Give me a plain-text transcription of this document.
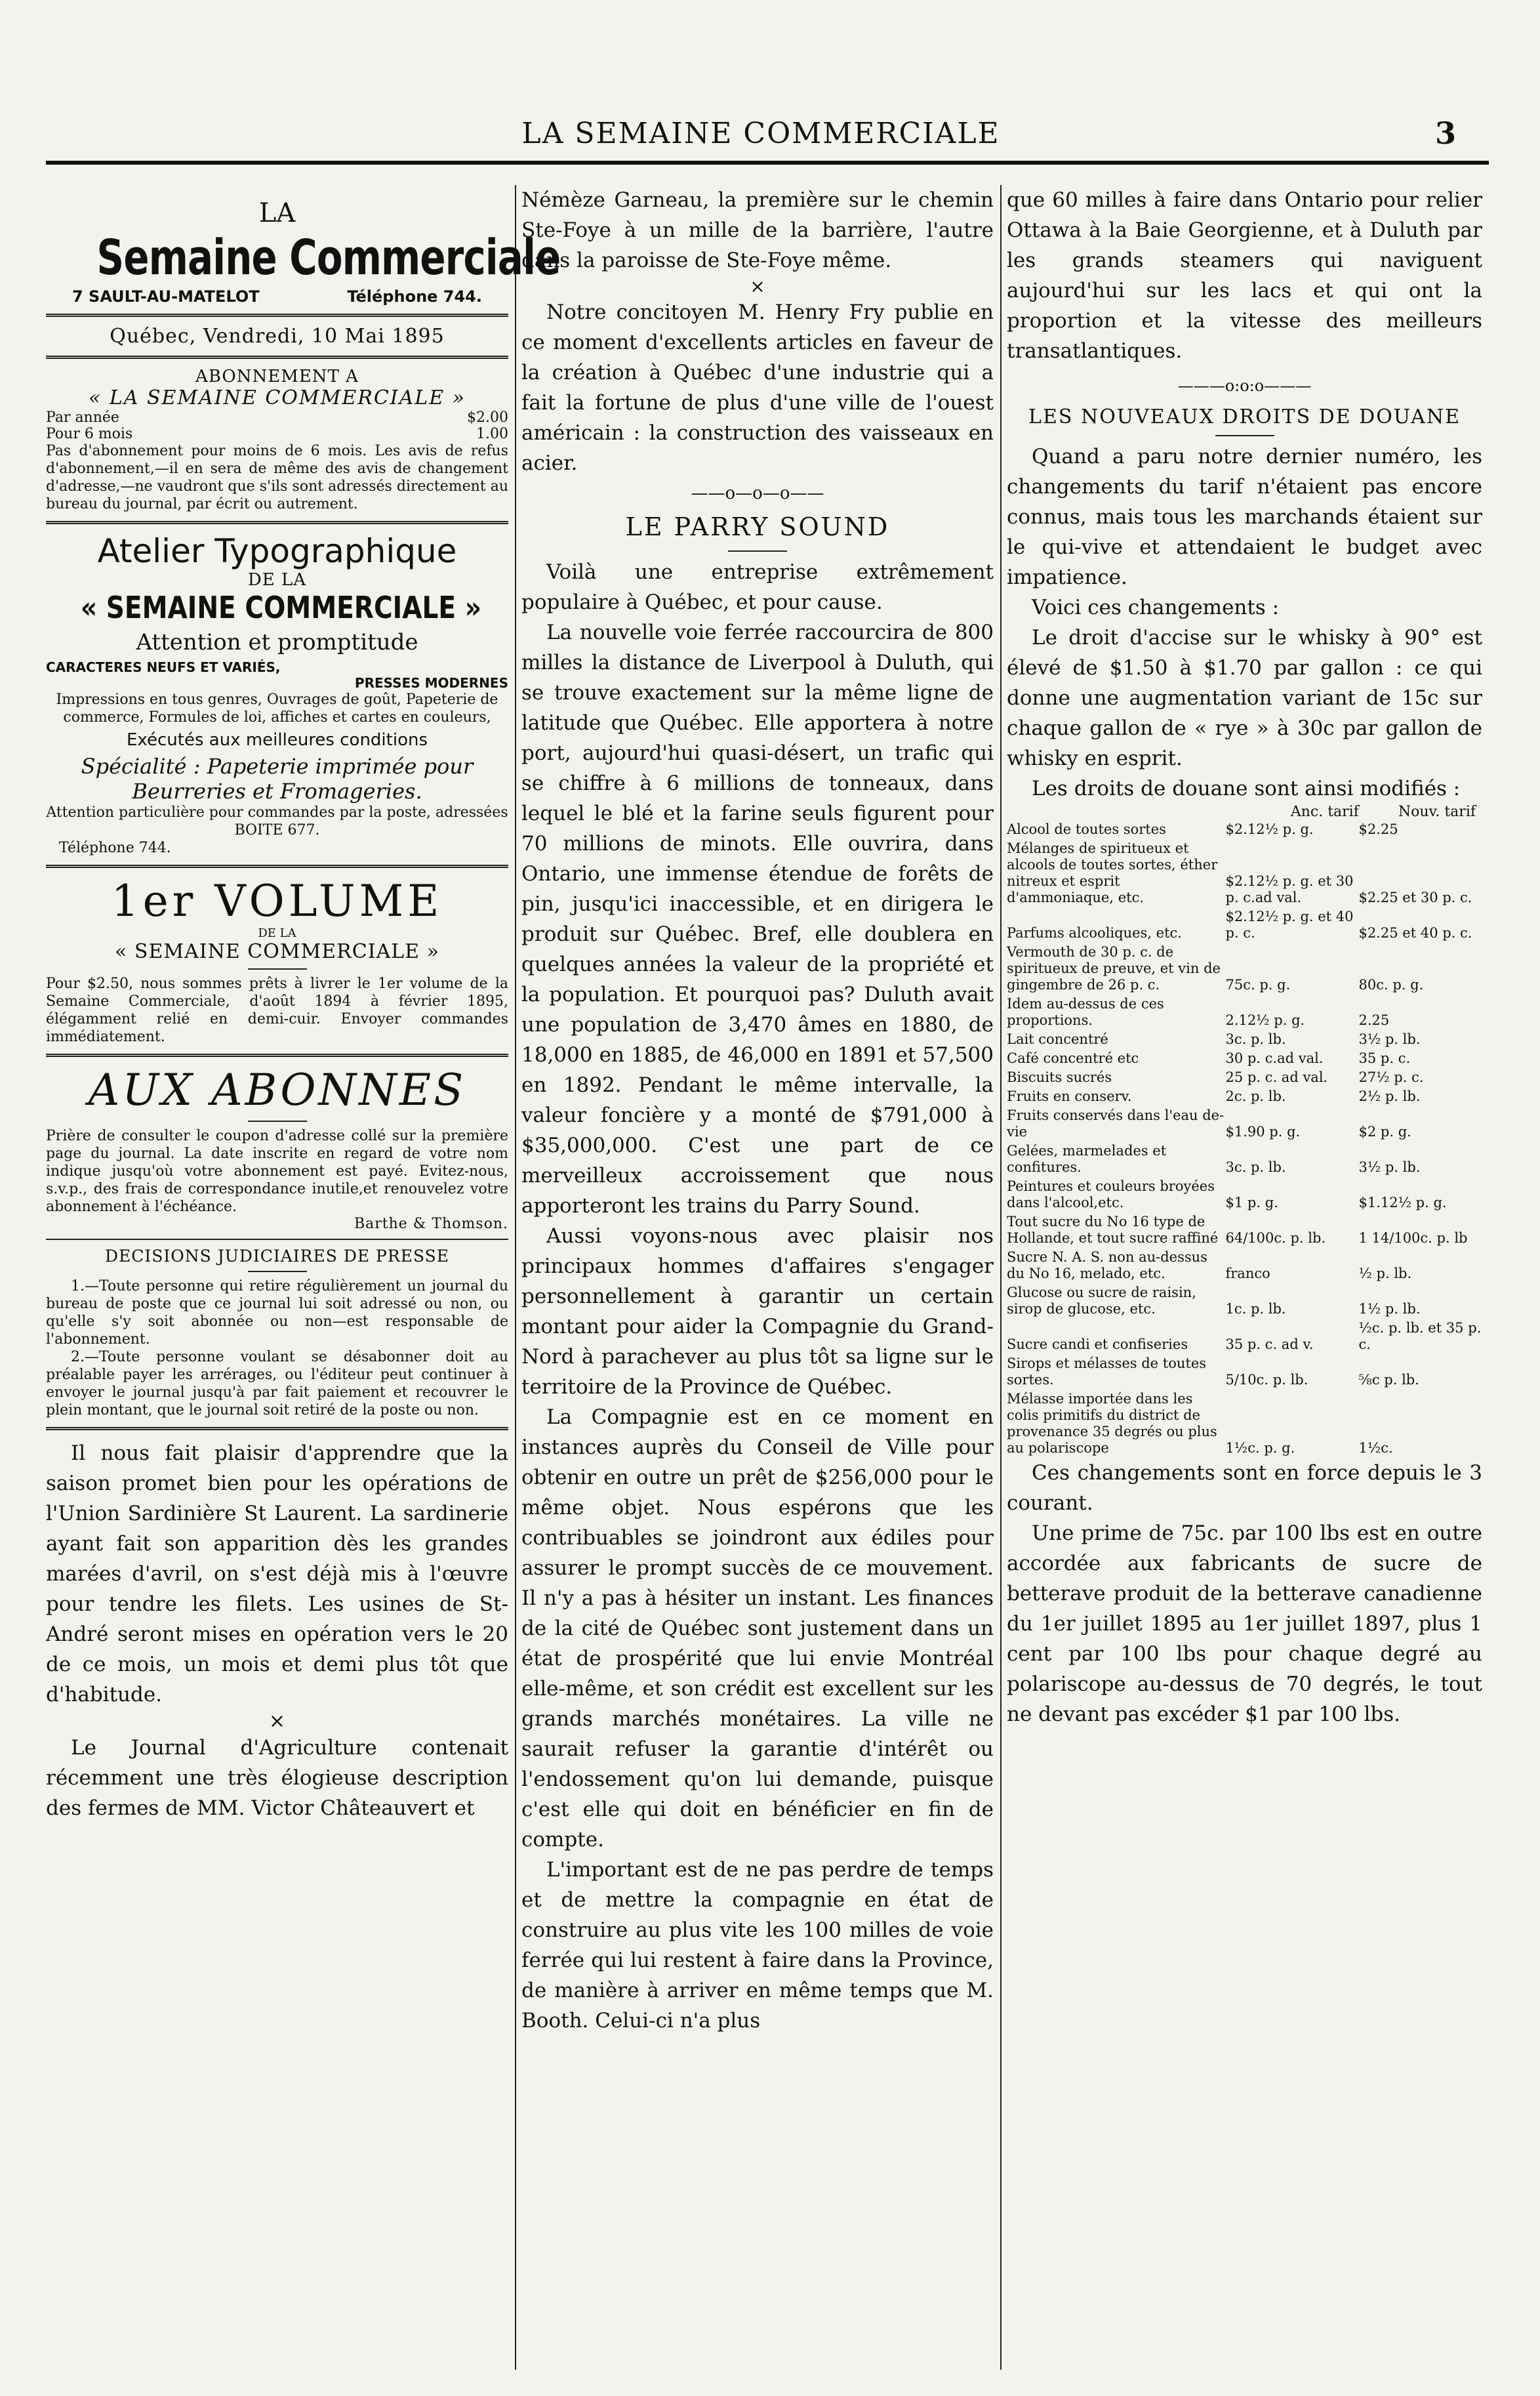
LA SEMAINE COMMERCIALE	3
LA
Semaine Commerciale
7 SAULT-AU-MATELOT	Téléphone 744.
Québec, Vendredi, 10 Mai 1895
ABONNEMENT A
« LA SEMAINE COMMERCIALE »
Par année	$2.00
Pour 6 mois	1.00
Pas d'abonnement pour moins de 6 mois. Les avis de refus d'abonnement,—il en sera de même des avis de changement d'adresse,—ne vaudront que s'ils sont adressés directement au bureau du journal, par écrit ou autrement.
Atelier Typographique
DE LA
« SEMAINE COMMERCIALE »
Attention et promptitude
CARACTERES NEUFS ET VARIÉS,
PRESSES MODERNES
Impressions en tous genres, Ouvrages de goût, Papeterie de commerce, Formules de loi, affiches et cartes en couleurs,
Exécutés aux meilleures conditions
Spécialité : Papeterie imprimée pour Beurreries et Fromageries.
Attention particulière pour commandes par la poste, adressées BOITE 677.
Téléphone 744.
1er VOLUME
DE LA
« SEMAINE COMMERCIALE »
Pour $2.50, nous sommes prêts à livrer le 1er volume de la Semaine Commerciale, d'août 1894 à février 1895, élégamment relié en demi-cuir. Envoyer commandes immédiatement.
AUX ABONNES
Prière de consulter le coupon d'adresse collé sur la première page du journal. La date inscrite en regard de votre nom indique jusqu'où votre abonnement est payé. Evitez-nous, s.v.p., des frais de correspondance inutile,et renouvelez votre abonnement à l'échéance.
Barthe & Thomson.
DECISIONS JUDICIAIRES DE PRESSE
1.—Toute personne qui retire régulièrement un journal du bureau de poste que ce journal lui soit adressé ou non, ou qu'elle s'y soit abonnée ou non—est responsable de l'abonnement.
2.—Toute personne voulant se désabonner doit au préalable payer les arrérages, ou l'éditeur peut continuer à envoyer le journal jusqu'à par fait paiement et recouvrer le plein montant, que le journal soit retiré de la poste ou non.

Il nous fait plaisir d'apprendre que la saison promet bien pour les opérations de l'Union Sardinière St Laurent. La sardinerie ayant fait son apparition dès les grandes marées d'avril, on s'est déjà mis à l'œuvre pour tendre les filets. Les usines de St-André seront mises en opération vers le 20 de ce mois, un mois et demi plus tôt que d'habitude.

×

Le Journal d'Agriculture contenait récemment une très élogieuse description des fermes de MM. Victor Châteauvert et

Némèze Garneau, la première sur le chemin Ste-Foye à un mille de la barrière, l'autre dans la paroisse de Ste-Foye même.

×

Notre concitoyen M. Henry Fry publie en ce moment d'excellents articles en faveur de la création à Québec d'une industrie qui a fait la fortune de plus d'une ville de l'ouest américain : la construction des vaisseaux en acier.

——o—o—o——
LE PARRY SOUND

Voilà une entreprise extrêmement populaire à Québec, et pour cause.

La nouvelle voie ferrée raccourcira de 800 milles la distance de Liverpool à Duluth, qui se trouve exactement sur la même ligne de latitude que Québec. Elle apportera à notre port, aujourd'hui quasi-désert, un trafic qui se chiffre à 6 millions de tonneaux, dans lequel le blé et la farine seuls figurent pour 70 millions de minots. Elle ouvrira, dans Ontario, une immense étendue de forêts de pin, jusqu'ici inaccessible, et en dirigera le produit sur Québec. Bref, elle doublera en quelques années la valeur de la propriété et la population. Et pourquoi pas? Duluth avait une population de 3,470 âmes en 1880, de 18,000 en 1885, de 46,000 en 1891 et 57,500 en 1892. Pendant le même intervalle, la valeur foncière y a monté de $791,000 à $35,000,000. C'est une part de ce merveilleux accroissement que nous apporteront les trains du Parry Sound.

Aussi voyons-nous avec plaisir nos principaux hommes d'affaires s'engager personnellement à garantir un certain montant pour aider la Compagnie du Grand-Nord à parachever au plus tôt sa ligne sur le territoire de la Province de Québec.

La Compagnie est en ce moment en instances auprès du Conseil de Ville pour obtenir en outre un prêt de $256,000 pour le même objet. Nous espérons que les contribuables se joindront aux édiles pour assurer le prompt succès de ce mouvement. Il n'y a pas à hésiter un instant. Les finances de la cité de Québec sont justement dans un état de prospérité que lui envie Montréal elle-même, et son crédit est excellent sur les grands marchés monétaires. La ville ne saurait refuser la garantie d'intérêt ou l'endossement qu'on lui demande, puisque c'est elle qui doit en bénéficier en fin de compte.

L'important est de ne pas perdre de temps et de mettre la compagnie en état de construire au plus vite les 100 milles de voie ferrée qui lui restent à faire dans la Province, de manière à arriver en même temps que M. Booth. Celui-ci n'a plus

que 60 milles à faire dans Ontario pour relier Ottawa à la Baie Georgienne, et à Duluth par les grands steamers qui naviguent aujourd'hui sur les lacs et qui ont la proportion et la vitesse des meilleurs transatlantiques.

———o:o:o———
LES NOUVEAUX DROITS DE DOUANE

Quand a paru notre dernier numéro, les changements du tarif n'étaient pas encore connus, mais tous les marchands étaient sur le qui-vive et attendaient le budget avec impatience.

Voici ces changements :

Le droit d'accise sur le whisky à 90° est élevé de $1.50 à $1.70 par gallon : ce qui donne une augmentation variant de 15c sur chaque gallon de « rye » à 30c par gallon de whisky en esprit.

Les droits de douane sont ainsi modifiés :

Anc. tarif	Nouv. tarif
Alcool de toutes sortes	$2.12½ p. g.	$2.25
Mélanges de spiritueux et alcools de toutes sortes, éther nitreux et esprit d'ammoniaque, etc.	$2.12½ p. g. et 30 p. c.ad val.	$2.25 et 30 p. c.
Parfums alcooliques, etc.	$2.12½ p. g. et 40 p. c.	$2.25 et 40 p. c.
Vermouth de 30 p. c. de spiritueux de preuve, et vin de gingembre de 26 p. c.	75c. p. g.	80c. p. g.
Idem au-dessus de ces proportions.	2.12½ p. g.	2.25
Lait concentré	3c. p. lb.	3½ p. lb.
Café concentré etc	30 p. c.ad val.	35 p. c.
Biscuits sucrés	25 p. c. ad val.	27½ p. c.
Fruits en conserv.	2c. p. lb.	2½ p. lb.
Fruits conservés dans l'eau de-vie	$1.90 p. g.	$2 p. g.
Gelées, marmelades et confitures.	3c. p. lb.	3½ p. lb.
Peintures et couleurs broyées dans l'alcool,etc.	$1 p. g.	$1.12½ p. g.
Tout sucre du No 16 type de Hollande, et tout sucre raffiné	64/100c. p. lb.	1 14/100c. p. lb
Sucre N. A. S. non au-dessus du No 16, melado, etc.	franco	½ p. lb.
Glucose ou sucre de raisin, sirop de glucose, etc.	1c. p. lb.	1½ p. lb.
Sucre candi et confiseries	35 p. c. ad v.	½c. p. lb. et 35 p. c.
Sirops et mélasses de toutes sortes.	5/10c. p. lb.	⅝c p. lb.
Mélasse importée dans les colis primitifs du district de provenance 35 degrés ou plus au polariscope	1½c. p. g.	1½c.

Ces changements sont en force depuis le 3 courant.

Une prime de 75c. par 100 lbs est en outre accordée aux fabricants de sucre de betterave produit de la betterave canadienne du 1er juillet 1895 au 1er juillet 1897, plus 1 cent par 100 lbs pour chaque degré au polariscope au-dessus de 70 degrés, le tout ne devant pas excéder $1 par 100 lbs.
